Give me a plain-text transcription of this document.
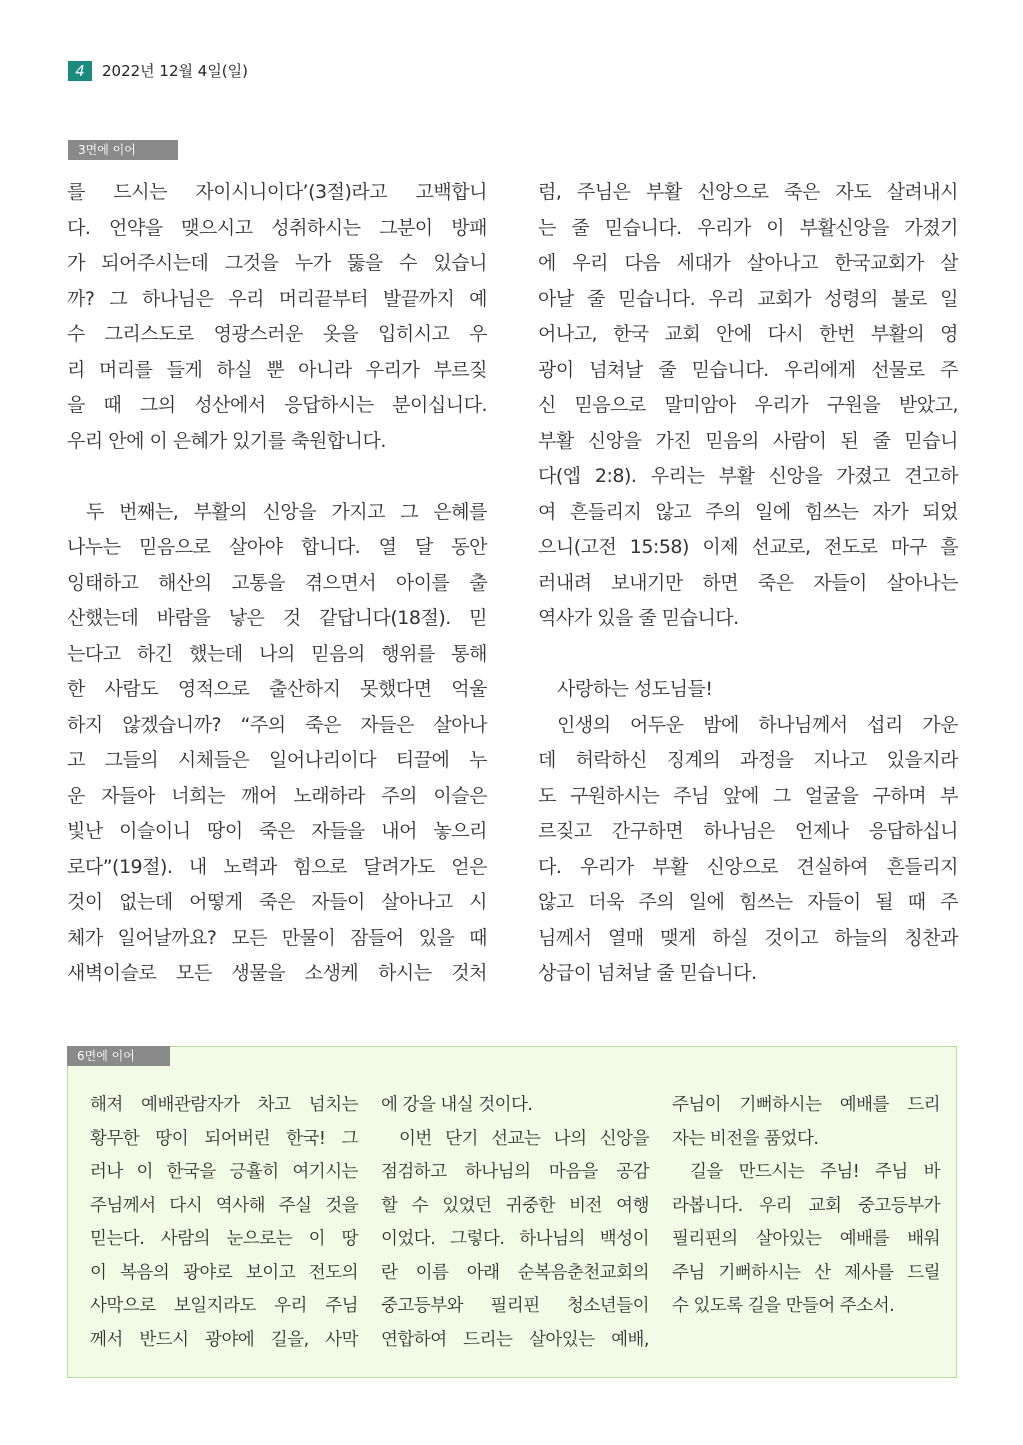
4	2022년 12월 4일(일)
3면에 이어

를 드시는 자이시니이다’(3절)라고 고백합니

다. 언약을 맺으시고 성취하시는 그분이 방패

가 되어주시는데 그것을 누가 뚫을 수 있습니

까? 그 하나님은 우리 머리끝부터 발끝까지 예

수 그리스도로 영광스러운 옷을 입히시고 우

리 머리를 들게 하실 뿐 아니라 우리가 부르짖

을 때 그의 성산에서 응답하시는 분이십니다.

우리 안에 이 은혜가 있기를 축원합니다.

두 번째는, 부활의 신앙을 가지고 그 은혜를

나누는 믿음으로 살아야 합니다. 열 달 동안

잉태하고 해산의 고통을 겪으면서 아이를 출

산했는데 바람을 낳은 것 같답니다(18절). 믿

는다고 하긴 했는데 나의 믿음의 행위를 통해

한 사람도 영적으로 출산하지 못했다면 억울

하지 않겠습니까? “주의 죽은 자들은 살아나

고 그들의 시체들은 일어나리이다 티끌에 누

운 자들아 너희는 깨어 노래하라 주의 이슬은

빛난 이슬이니 땅이 죽은 자들을 내어 놓으리

로다”(19절). 내 노력과 힘으로 달려가도 얻은

것이 없는데 어떻게 죽은 자들이 살아나고 시

체가 일어날까요? 모든 만물이 잠들어 있을 때

새벽이슬로 모든 생물을 소생케 하시는 것처

럼, 주님은 부활 신앙으로 죽은 자도 살려내시

는 줄 믿습니다. 우리가 이 부활신앙을 가졌기

에 우리 다음 세대가 살아나고 한국교회가 살

아날 줄 믿습니다. 우리 교회가 성령의 불로 일

어나고, 한국 교회 안에 다시 한번 부활의 영

광이 넘쳐날 줄 믿습니다. 우리에게 선물로 주

신 믿음으로 말미암아 우리가 구원을 받았고,

부활 신앙을 가진 믿음의 사람이 된 줄 믿습니

다(엡 2:8). 우리는 부활 신앙을 가졌고 견고하

여 흔들리지 않고 주의 일에 힘쓰는 자가 되었

으니(고전 15:58) 이제 선교로, 전도로 마구 흘

러내려 보내기만 하면 죽은 자들이 살아나는

역사가 있을 줄 믿습니다.

사랑하는 성도님들!

인생의 어두운 밤에 하나님께서 섭리 가운

데 허락하신 징계의 과정을 지나고 있을지라

도 구원하시는 주님 앞에 그 얼굴을 구하며 부

르짖고 간구하면 하나님은 언제나 응답하십니

다. 우리가 부활 신앙으로 견실하여 흔들리지

않고 더욱 주의 일에 힘쓰는 자들이 될 때 주

님께서 열매 맺게 하실 것이고 하늘의 칭찬과

상급이 넘쳐날 줄 믿습니다.

6면에 이어

해져 예배관람자가 차고 넘치는

황무한 땅이 되어버린 한국! 그

러나 이 한국을 긍휼히 여기시는

주님께서 다시 역사해 주실 것을

믿는다. 사람의 눈으로는 이 땅

이 복음의 광야로 보이고 전도의

사막으로 보일지라도 우리 주님

께서 반드시 광야에 길을, 사막

에 강을 내실 것이다.

이번 단기 선교는 나의 신앙을

점검하고 하나님의 마음을 공감

할 수 있었던 귀중한 비전 여행

이었다. 그렇다. 하나님의 백성이

란 이름 아래 순복음춘천교회의

중고등부와 필리핀 청소년들이

연합하여 드리는 살아있는 예배,

주님이 기뻐하시는 예배를 드리

자는 비전을 품었다.

길을 만드시는 주님! 주님 바

라봅니다. 우리 교회 중고등부가

필리핀의 살아있는 예배를 배워

주님 기뻐하시는 산 제사를 드릴

수 있도록 길을 만들어 주소서.
